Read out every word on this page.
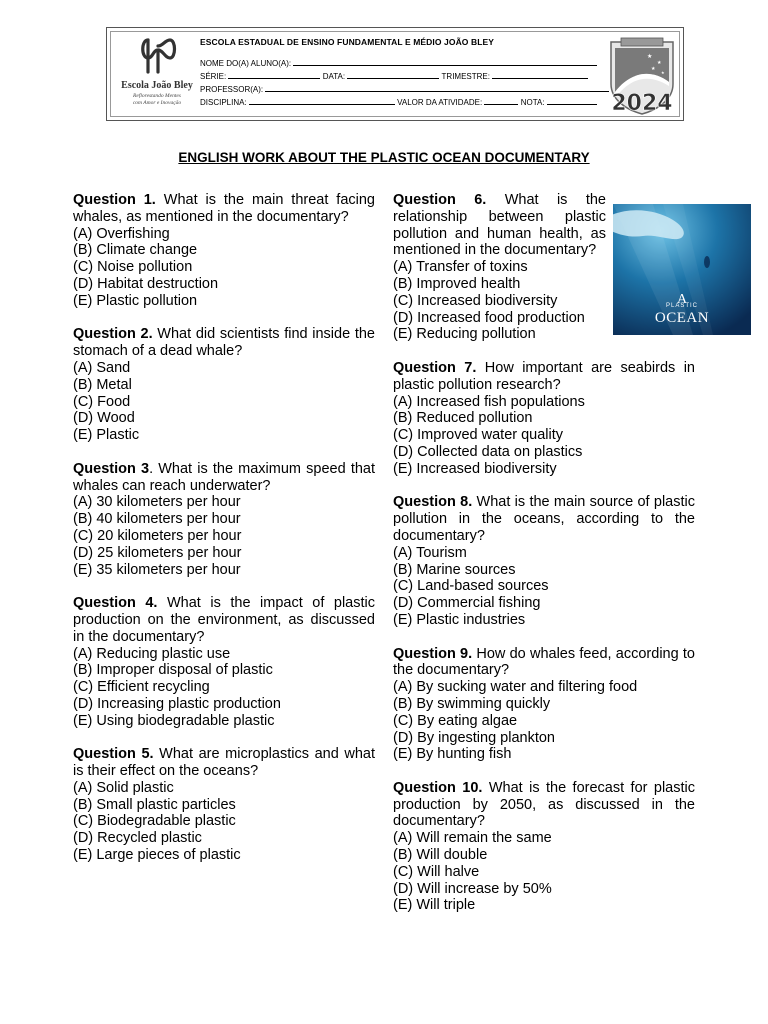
Escola João Bley
Reflorestando Mentes
com Amor e Inovação
ESCOLA ESTADUAL DE ENSINO FUNDAMENTAL E MÉDIO JOÃO BLEY
NOME DO(A) ALUNO(A):
SÉRIE:	DATA:	TRIMESTRE:
PROFESSOR(A):
DISCIPLINA:	VALOR DA ATIVIDADE:	NOTA:
★
★
★
★
2024
ENGLISH WORK ABOUT THE PLASTIC OCEAN DOCUMENTARY
A
PLASTIC
OCEAN
Question 1. What is the main threat facing whales, as mentioned in the documentary?
(A) Overfishing
(B) Climate change
(C) Noise pollution
(D) Habitat destruction
(E) Plastic pollution
Question 2. What did scientists find inside the stomach of a dead whale?
(A) Sand
(B) Metal
(C) Food
(D) Wood
(E) Plastic
Question 3. What is the maximum speed that whales can reach underwater?
(A) 30 kilometers per hour
(B) 40 kilometers per hour
(C) 20 kilometers per hour
(D) 25 kilometers per hour
(E) 35 kilometers per hour
Question 4. What is the impact of plastic production on the environment, as discussed in the documentary?
(A) Reducing plastic use
(B) Improper disposal of plastic
(C) Efficient recycling
(D) Increasing plastic production
(E) Using biodegradable plastic
Question 5. What are microplastics and what is their effect on the oceans?
(A) Solid plastic
(B) Small plastic particles
(C) Biodegradable plastic
(D) Recycled plastic
(E) Large pieces of plastic
Question 6. What is the relationship between plastic pollution and human health, as mentioned in the documentary?
(A) Transfer of toxins
(B) Improved health
(C) Increased biodiversity
(D) Increased food production
(E) Reducing pollution
Question 7. How important are seabirds in plastic pollution research?
(A) Increased fish populations
(B) Reduced pollution
(C) Improved water quality
(D) Collected data on plastics
(E) Increased biodiversity
Question 8. What is the main source of plastic pollution in the oceans, according to the documentary?
(A) Tourism
(B) Marine sources
(C) Land-based sources
(D) Commercial fishing
(E) Plastic industries
Question 9. How do whales feed, according to the documentary?
(A) By sucking water and filtering food
(B) By swimming quickly
(C) By eating algae
(D) By ingesting plankton
(E) By hunting fish
Question 10. What is the forecast for plastic production by 2050, as discussed in the documentary?
(A) Will remain the same
(B) Will double
(C) Will halve
(D) Will increase by 50%
(E) Will triple
